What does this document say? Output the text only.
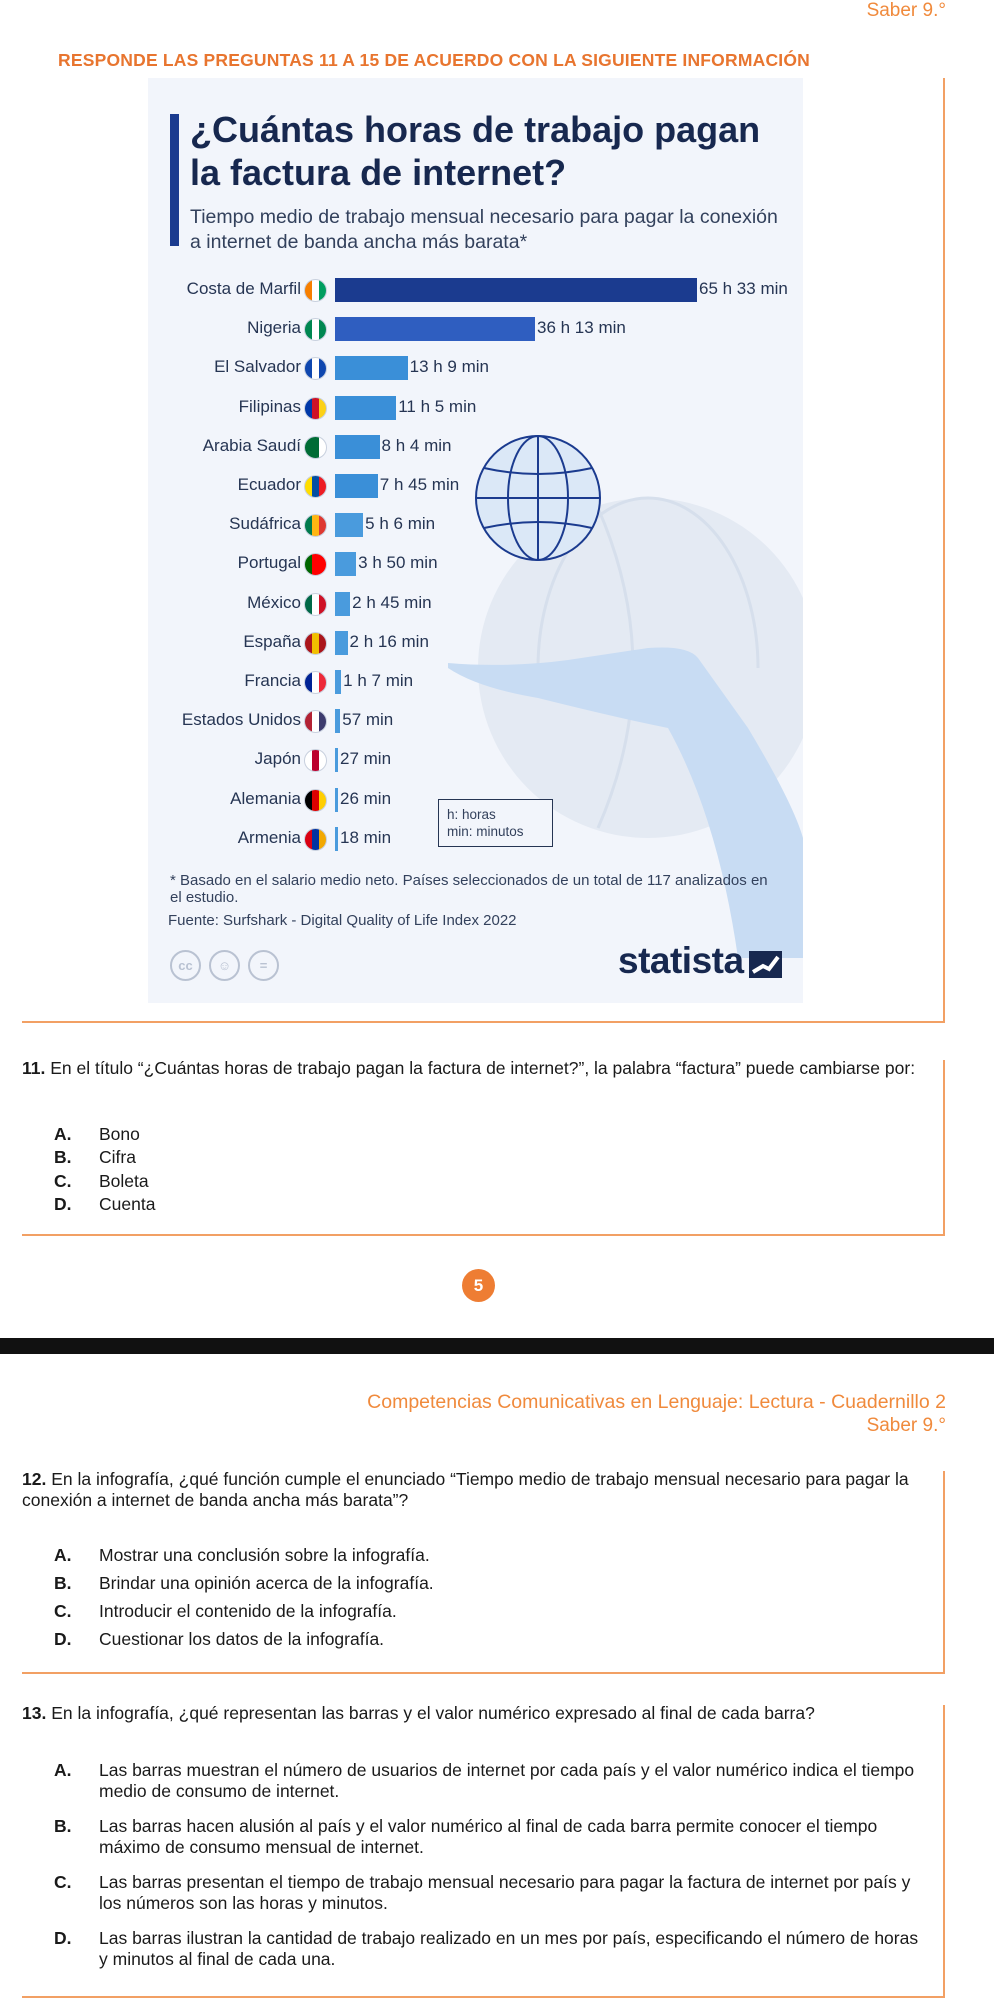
Saber 9.°
RESPONDE LAS PREGUNTAS 11 A 15 DE ACUERDO CON LA SIGUIENTE INFORMACIÓN
¿Cuántas horas de trabajo pagan la factura de internet?
Tiempo medio de trabajo mensual necesario para pagar la conexión a internet de banda ancha más barata*
Costa de Marfil	65 h 33 min
Nigeria	36 h 13 min
El Salvador	13 h 9 min
Filipinas	11 h 5 min
Arabia Saudí	8 h 4 min
Ecuador	7 h 45 min
Sudáfrica	5 h 6 min
Portugal	3 h 50 min
México	2 h 45 min
España	2 h 16 min
Francia 1 h 7 min
Estados Unidos 57 min
Japón 27 min
Alemania 26 min
Armenia 18 min
h: horas
min: minutos
* Basado en el salario medio neto. Países seleccionados de un total de 117 analizados en el estudio.
Fuente: Surfshark - Digital Quality of Life Index 2022
cc	☺	=	statista
11. En el título “¿Cuántas horas de trabajo pagan la factura de internet?”, la palabra “factura” puede cambiarse por:
A. Bono
B. Cifra
C. Boleta
D. Cuenta
5
Competencias Comunicativas en Lenguaje: Lectura - Cuadernillo 2
Saber 9.°
12. En la infografía, ¿qué función cumple el enunciado “Tiempo medio de trabajo mensual necesario para pagar la conexión a internet de banda ancha más barata”?
A. Mostrar una conclusión sobre la infografía.
B. Brindar una opinión acerca de la infografía.
C. Introducir el contenido de la infografía.
D. Cuestionar los datos de la infografía.
13. En la infografía, ¿qué representan las barras y el valor numérico expresado al final de cada barra?
A. Las barras muestran el número de usuarios de internet por cada país y el valor numérico indica el tiempo medio de consumo de internet.
B. Las barras hacen alusión al país y el valor numérico al final de cada barra permite conocer el tiempo máximo de consumo mensual de internet.
C. Las barras presentan el tiempo de trabajo mensual necesario para pagar la factura de internet por país y los números son las horas y minutos.
D. Las barras ilustran la cantidad de trabajo realizado en un mes por país, especificando el número de horas y minutos al final de cada una.
